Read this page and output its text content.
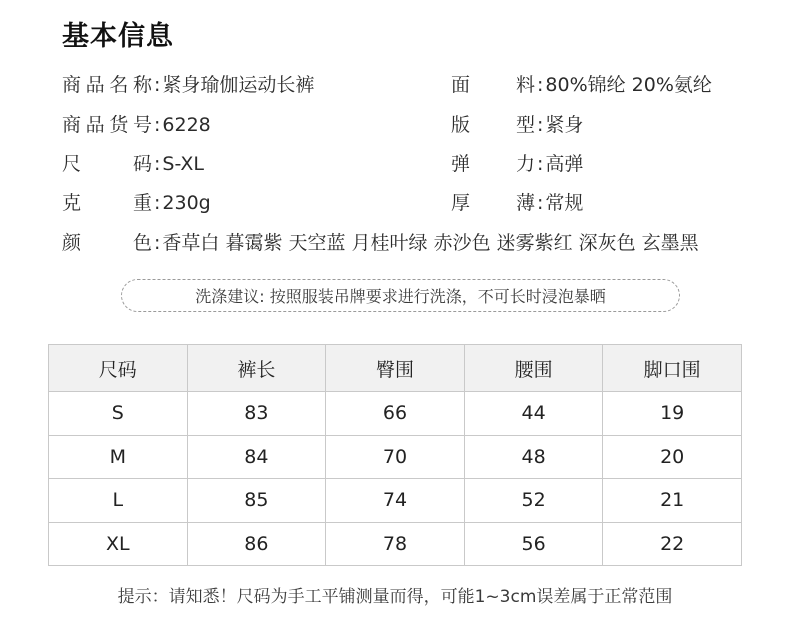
基本信息
商 品 名 称 : 紧身瑜伽运动长裤
商 品 货 号 : 6228
尺	码 : S-XL
克	重 : 230g
颜	色 : 香草白 暮霭紫 天空蓝 月桂叶绿 赤沙色 迷雾紫红 深灰色 玄墨黑
面 料 : 80%锦纶 20%氨纶
版 型 : 紧身
弹 力 : 高弹
厚 薄 : 常规
洗涤建议: 按照服装吊牌要求进行洗涤，不可长时浸泡暴晒
尺码	裤长	臀围	腰围	脚口围
S	83	66	44	19
M	84	70	48	20
L	85	74	52	21
XL	86	78	56	22
提示：请知悉！尺码为手工平铺测量而得，可能1~3cm误差属于正常范围
